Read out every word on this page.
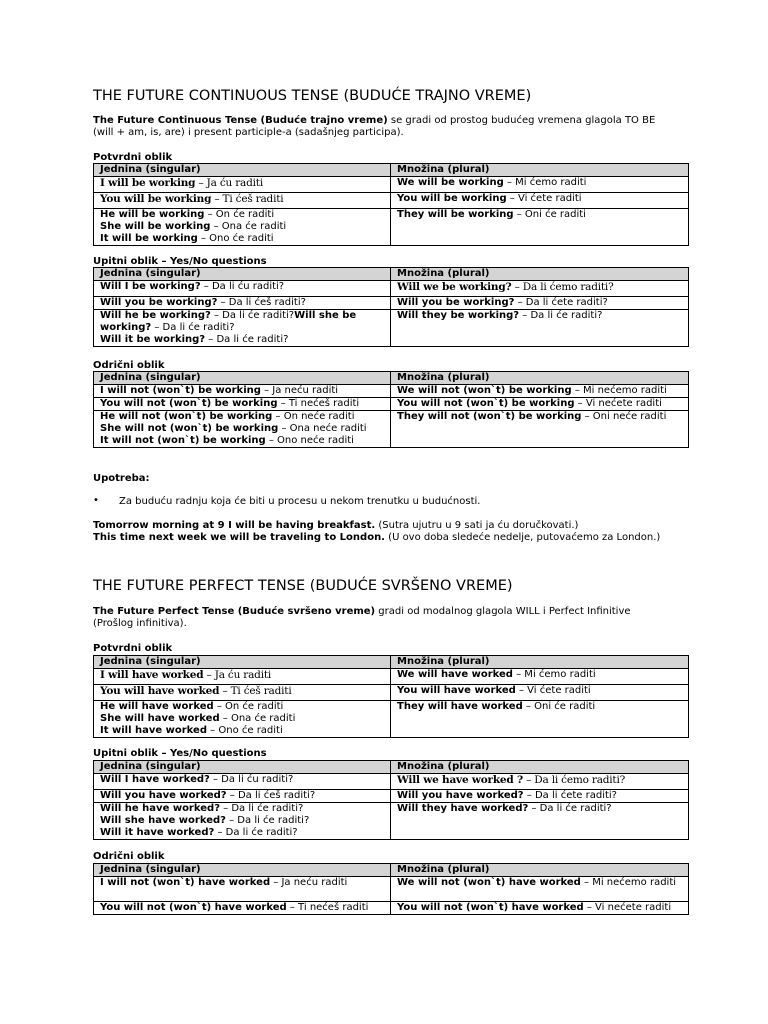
THE FUTURE CONTINUOUS TENSE (BUDUĆE TRAJNO VREME)

The Future Continuous Tense (Buduće trajno vreme) se gradi od prostog budućeg vremena glagola TO BE (will + am, is, are) i present participle-a (sadašnjeg participa).

Potvrdni oblik
Jednina (singular)	Množina (plural)
I will be working – Ja ću raditi	We will be working – Mi ćemo raditi
You will be working – Ti ćeš raditi	You will be working – Vi ćete raditi

He will be working – On će raditi
She will be working – Ona će raditi
It will be working – Ono će raditi	They will be working – Oni će raditi
Upitni oblik – Yes/No questions
Jednina (singular)	Množina (plural)
Will I be working? – Da li ću raditi?	Will we be working? – Da li ćemo raditi?
Will you be working? – Da li ćeš raditi?	Will you be working? – Da li ćete raditi?

Will he be working? – Da li će raditi?Will she be working? – Da li će raditi?
Will it be working? – Da li će raditi?	Will they be working? – Da li će raditi?
Odrični oblik
Jednina (singular)	Množina (plural)
I will not (won`t) be working – Ja neću raditi	We will not (won`t) be working – Mi nećemo raditi
You will not (won`t) be working – Ti nećeš raditi	You will not (won`t) be working – Vi nećete raditi

He will not (won`t) be working – On neće raditi
She will not (won`t) be working – Ona neće raditi
It will not (won`t) be working – Ono neće raditi	They will not (won`t) be working – Oni neće raditi
Upotreba:
• Za buduću radnju koja će biti u procesu u nekom trenutku u budućnosti.

Tomorrow morning at 9 I will be having breakfast. (Sutra ujutru u 9 sati ja ću doručkovati.)

This time next week we will be traveling to London. (U ovo doba sledeće nedelje, putovaćemo za London.)

THE FUTURE PERFECT TENSE (BUDUĆE SVRŠENO VREME)

The Future Perfect Tense (Buduće svršeno vreme) gradi od modalnog glagola WILL i Perfect Infinitive (Prošlog infinitiva).

Potvrdni oblik
Jednina (singular)	Množina (plural)
I will have worked – Ja ću raditi	We will have worked – Mi ćemo raditi
You will have worked – Ti ćeš raditi	You will have worked – Vi ćete raditi

He will have worked – On će raditi
She will have worked – Ona će raditi
It will have worked – Ono će raditi	They will have worked – Oni će raditi
Upitni oblik – Yes/No questions
Jednina (singular)	Množina (plural)
Will I have worked? – Da li ću raditi?	Will we have worked ? – Da li ćemo raditi?
Will you have worked? – Da li ćeš raditi?	Will you have worked? – Da li ćete raditi?

Will he have worked? – Da li će raditi?
Will she have worked? – Da li će raditi?
Will it have worked? – Da li će raditi?	Will they have worked? – Da li će raditi?
Odrični oblik
Jednina (singular)	Množina (plural)
I will not (won`t) have worked – Ja neću raditi	We will not (won`t) have worked – Mi nećemo raditi
You will not (won`t) have worked – Ti nećeš raditi	You will not (won`t) have worked – Vi nećete raditi
